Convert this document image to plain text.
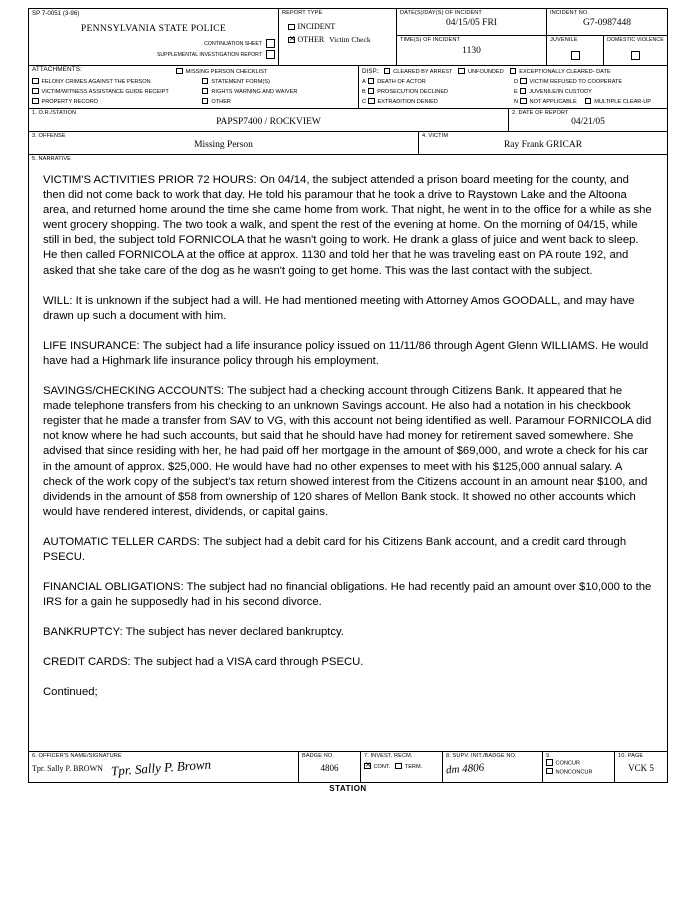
SP 7-0051 (3-96)
PENNSYLVANIA STATE POLICE
CONTINUATION SHEET
SUPPLEMENTAL INVESTIGATION REPORT
REPORT TYPE
INCIDENT
✕OTHER Victim Check
DATE(S)/DAY(S) OF INCIDENT
04/15/05 FRI
INCIDENT NO.
G7-0987448
TIME(S) OF INCIDENT
1130
JUVENILE	DOMESTIC VIOLENCE
ATTACHMENTS:	MISSING PERSON CHECKLIST
FELONY CRIMES AGAINST THE PERSON	STATEMENT FORM(S)
VICTIM/WITNESS ASSISTANCE GUIDE RECEIPT	RIGHTS WARNING AND WAIVER
PROPERTY RECORD	OTHER
DISP.:	CLEARED BY ARREST	UNFOUNDED	EXCEPTIONALLY CLEARED- DATE
A	DEATH OF ACTOR	D	VICTIM REFUSED TO COOPERATE
B	PROSECUTION DECLINED	E	JUVENILE/IN CUSTODY
C	EXTRADITION DENIED	N	NOT APPLICABLE	MULTIPLE CLEAR-UP
1. O.R./STATION
PAPSP7400 / ROCKVIEW
2. DATE OF REPORT
04/21/05
3. OFFENSE
Missing Person
4. VICTIM
Ray Frank GRICAR
5. NARRATIVE

VICTIM'S ACTIVITIES PRIOR 72 HOURS: On 04/14, the subject attended a prison board meeting for the county, and then did not come back to work that day. He told his paramour that he took a drive to Raystown Lake and the Altoona area, and returned home around the time she came home from work. That night, he went in to the office for a while as she went grocery shopping. The two took a walk, and spent the rest of the evening at home. On the morning of 04/15, while still in bed, the subject told FORNICOLA that he wasn't going to work. He drank a glass of juice and went back to sleep. He then called FORNICOLA at the office at approx. 1130 and told her that he was traveling east on PA route 192, and asked that she take care of the dog as he wasn't going to get home. This was the last contact with the subject.

WILL: It is unknown if the subject had a will. He had mentioned meeting with Attorney Amos GOODALL, and may have drawn up such a document with him.

LIFE INSURANCE: The subject had a life insurance policy issued on 11/11/86 through Agent Glenn WILLIAMS. He would have had a Highmark life insurance policy through his employment.

SAVINGS/CHECKING ACCOUNTS: The subject had a checking account through Citizens Bank. It appeared that he made telephone transfers from his checking to an unknown Savings account. He also had a notation in his checkbook register that he made a transfer from SAV to VG, with this account not being identified as well. Paramour FORNICOLA did not know where he had such accounts, but said that he should have had money for retirement saved somewhere. She advised that since residing with her, he had paid off her mortgage in the amount of $69,000, and wrote a check for his car in the amount of approx. $25,000. He would have had no other expenses to meet with his $125,000 annual salary. A check of the work copy of the subject's tax return showed interest from the Citizens account in an amount near $100, and dividends in the amount of $58 from ownership of 120 shares of Mellon Bank stock. It showed no other accounts which would have rendered interest, dividends, or capital gains.

AUTOMATIC TELLER CARDS: The subject had a debit card for his Citizens Bank account, and a credit card through PSECU.

FINANCIAL OBLIGATIONS: The subject had no financial obligations. He had recently paid an amount over $10,000 to the IRS for a gain he supposedly had in his second divorce.

BANKRUPTCY: The subject has never declared bankruptcy.

CREDIT CARDS: The subject had a VISA card through PSECU.

Continued;

6. OFFICER'S NAME/SIGNATURE
Tpr. Sally P. BROWN Tpr. Sally P. Brown
BADGE NO.
4806
7. INVEST. RECM.
✕CONT.	TERM.
8. SUPV. INIT./BADGE NO.
dm 4806
9.
CONCUR
NONCONCUR
10. PAGE
VCK 5
STATION
